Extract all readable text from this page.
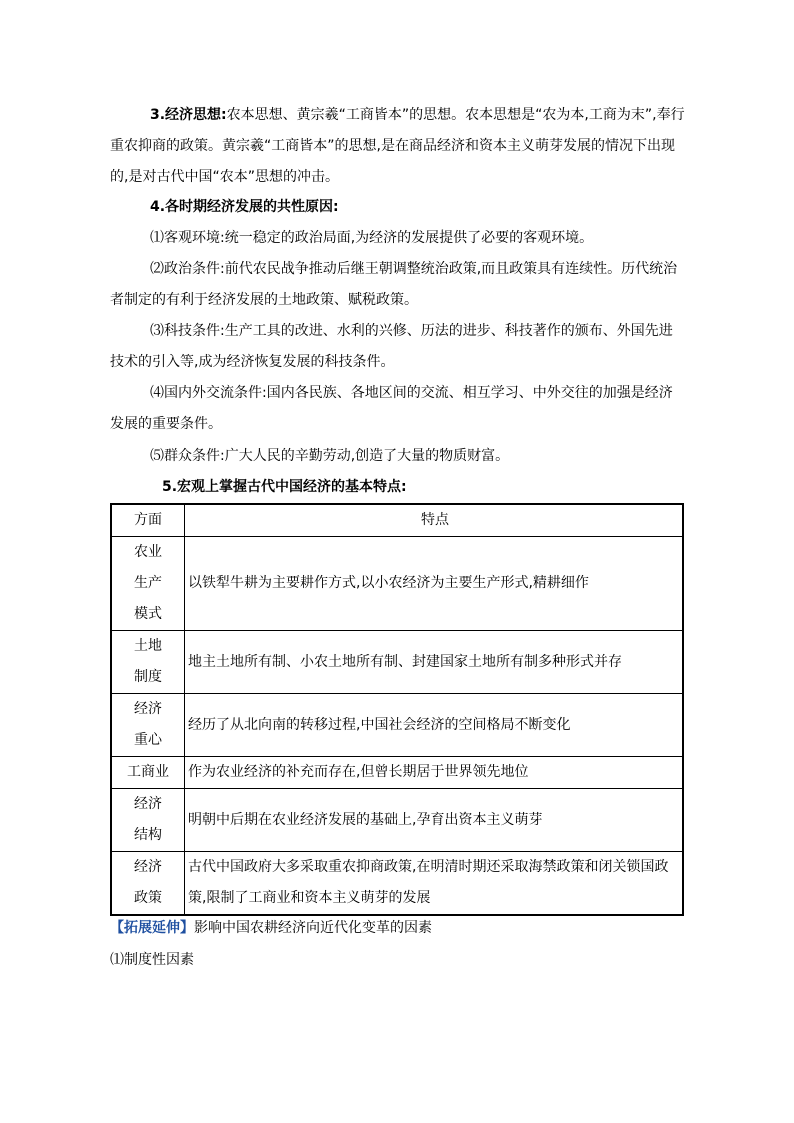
3.经济思想:农本思想、黄宗羲“工商皆本”的思想。农本思想是“农为本,工商为末”,奉行重农抑商的政策。黄宗羲“工商皆本”的思想,是在商品经济和资本主义萌芽发展的情况下出现的,是对古代中国“农本”思想的冲击。

4.各时期经济发展的共性原因:
⑴客观环境:统一稳定的政治局面,为经济的发展提供了必要的客观环境。

⑵政治条件:前代农民战争推动后继王朝调整统治政策,而且政策具有连续性。历代统治者制定的有利于经济发展的土地政策、赋税政策。

⑶科技条件:生产工具的改进、水利的兴修、历法的进步、科技著作的颁布、外国先进技术的引入等,成为经济恢复发展的科技条件。

⑷国内外交流条件:国内各民族、各地区间的交流、相互学习、中外交往的加强是经济发展的重要条件。

⑸群众条件:广大人民的辛勤劳动,创造了大量的物质财富。
5.宏观上掌握古代中国经济的基本特点:
方面	特点
农业
生产
模式	以铁犁牛耕为主要耕作方式,以小农经济为主要生产形式,精耕细作
土地
制度	地主土地所有制、小农土地所有制、封建国家土地所有制多种形式并存
经济
重心	经历了从北向南的转移过程,中国社会经济的空间格局不断变化
工商业	作为农业经济的补充而存在,但曾长期居于世界领先地位
经济
结构	明朝中后期在农业经济发展的基础上,孕育出资本主义萌芽
经济
政策	古代中国政府大多采取重农抑商政策,在明清时期还采取海禁政策和闭关锁国政策,限制了工商业和资本主义萌芽的发展
【拓展延伸】影响中国农耕经济向近代化变革的因素
⑴制度性因素
